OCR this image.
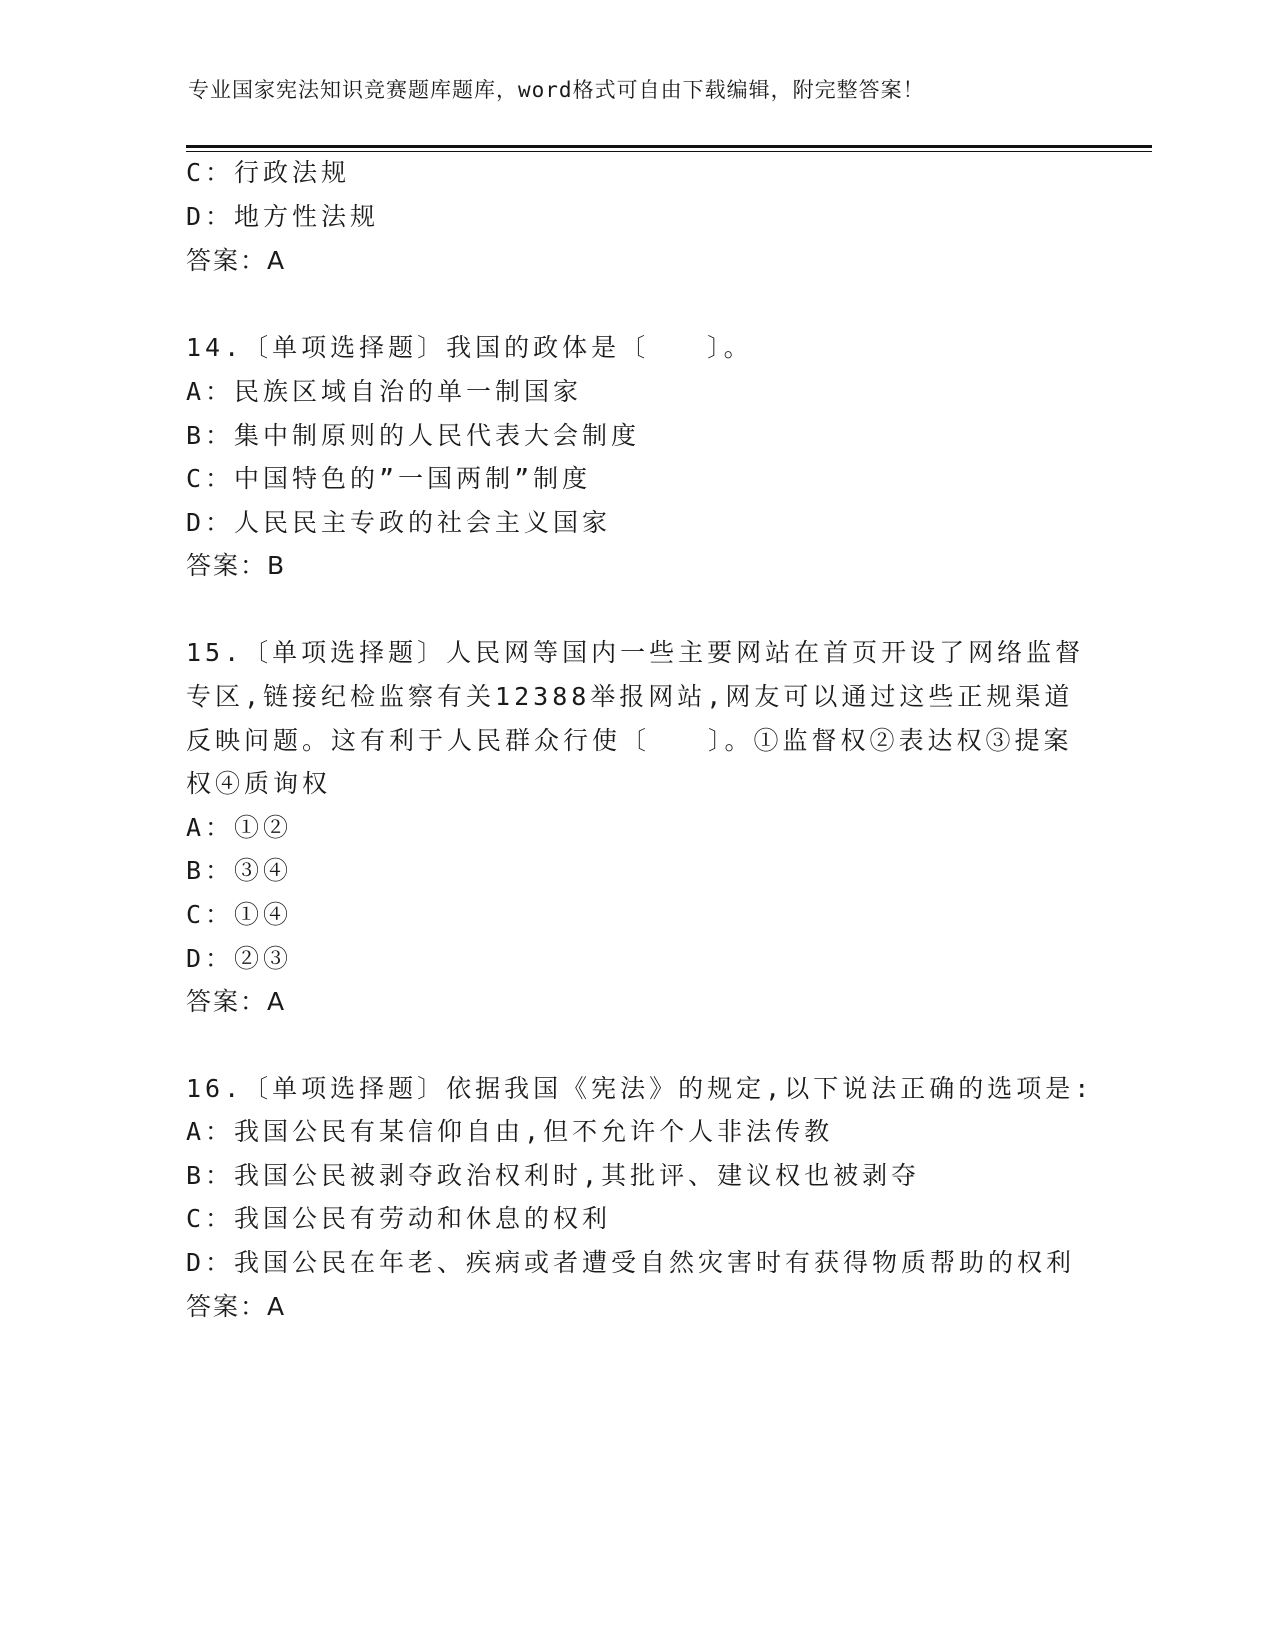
专业国家宪法知识竞赛题库题库，word格式可自由下载编辑，附完整答案！
C：行政法规
D：地方性法规
答案：A
14.〔单项选择题〕我国的政体是〔　　〕。
A：民族区域自治的单一制国家
B：集中制原则的人民代表大会制度
C：中国特色的”一国两制”制度
D：人民民主专政的社会主义国家
答案：B
15.〔单项选择题〕人民网等国内一些主要网站在首页开设了网络监督
专区,链接纪检监察有关12388举报网站,网友可以通过这些正规渠道
反映问题。这有利于人民群众行使〔　　〕。①监督权②表达权③提案
权④质询权
A：①②
B：③④
C：①④
D：②③
答案：A
16.〔单项选择题〕依据我国《宪法》的规定,以下说法正确的选项是:
A：我国公民有某信仰自由,但不允许个人非法传教
B：我国公民被剥夺政治权利时,其批评、建议权也被剥夺
C：我国公民有劳动和休息的权利
D：我国公民在年老、疾病或者遭受自然灾害时有获得物质帮助的权利
答案：A
